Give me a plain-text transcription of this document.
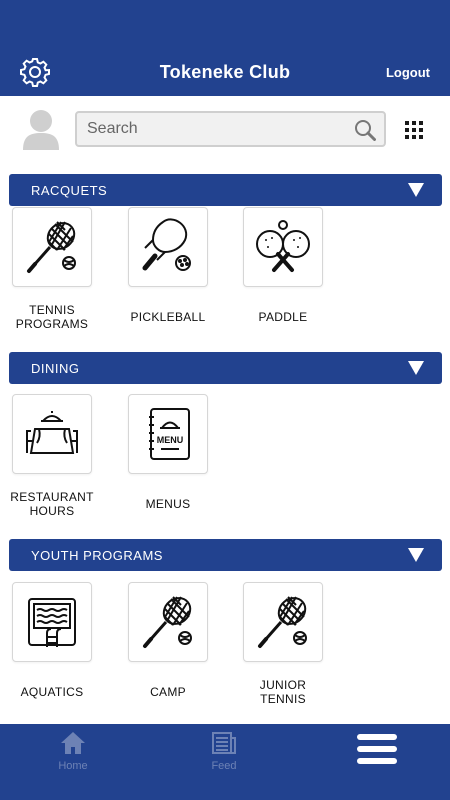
Tokeneke Club	Logout
Search
RACQUETS
TENNIS
PROGRAMS	PICKLEBALL	PADDLE
DINING
RESTAURANT
HOURS
MENU
MENUS
YOUTH PROGRAMS
AQUATICS	CAMP	JUNIOR
TENNIS
Home	Feed
